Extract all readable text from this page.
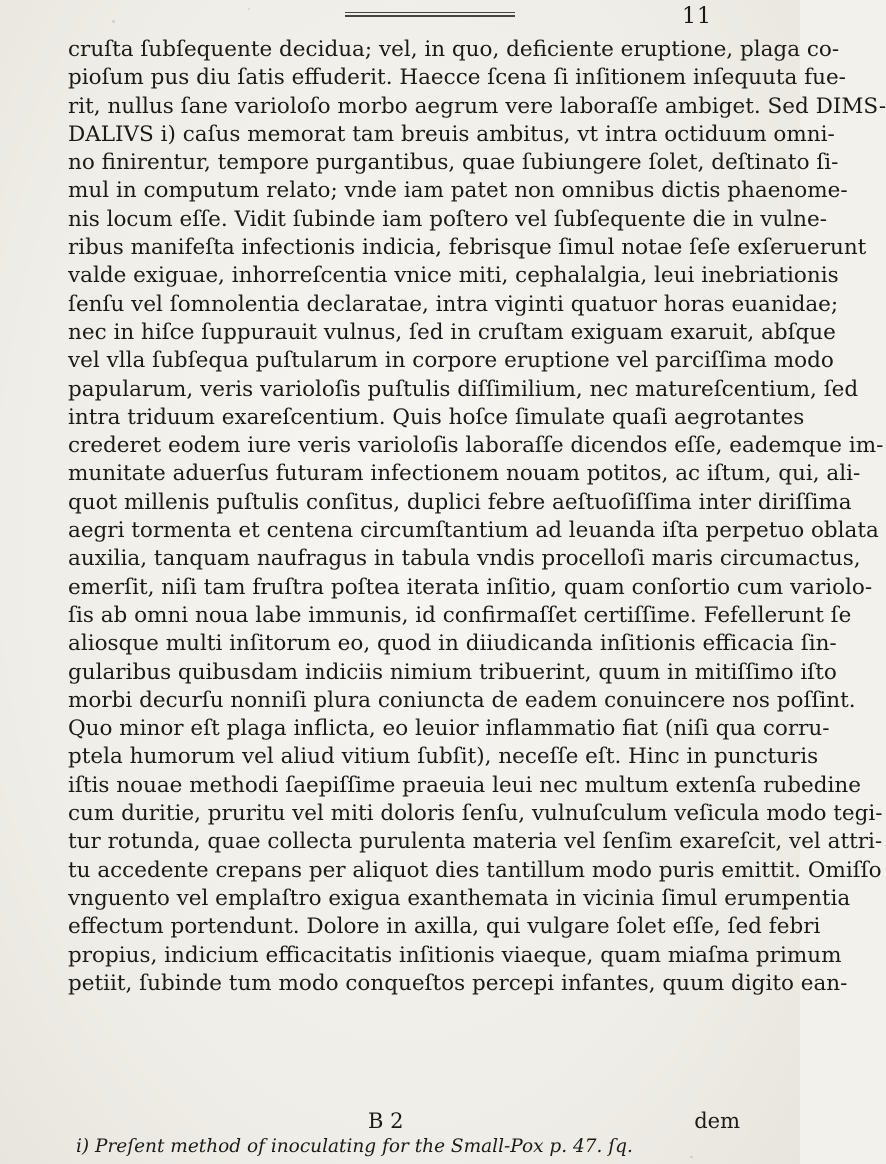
11
cruſta ſubſequente decidua; vel, in quo, deficiente eruptione, plaga co-
pioſum pus diu ſatis effuderit. Haecce ſcena ſi inſitionem inſequuta fue-
rit, nullus ſane varioloſo morbo aegrum vere laboraſſe ambiget. Sed DIMS-
DALIVS i) caſus memorat tam breuis ambitus, vt intra octiduum omni-
no finirentur, tempore purgantibus, quae ſubiungere ſolet, deſtinato ſi-
mul in computum relato; vnde iam patet non omnibus dictis phaenome-
nis locum eſſe. Vidit ſubinde iam poſtero vel ſubſequente die in vulne-
ribus manifeſta infectionis indicia, febrisque ſimul notae ſeſe exſeruerunt
valde exiguae, inhorreſcentia vnice miti, cephalalgia, leui inebriationis
ſenſu vel ſomnolentia declaratae, intra viginti quatuor horas euanidae;
nec in hiſce ſuppurauit vulnus, ſed in cruſtam exiguam exaruit, abſque
vel vlla ſubſequa puſtularum in corpore eruptione vel parciſſima modo
papularum, veris varioloſis puſtulis diſſimilium, nec matureſcentium, ſed
intra triduum exareſcentium. Quis hoſce ſimulate quaſi aegrotantes
crederet eodem iure veris varioloſis laboraſſe dicendos eſſe, eademque im-
munitate aduerſus futuram infectionem nouam potitos, ac iſtum, qui, ali-
quot millenis puſtulis conſitus, duplici febre aeſtuoſiſſima inter diriſſima
aegri tormenta et centena circumſtantium ad leuanda iſta perpetuo oblata
auxilia, tanquam naufragus in tabula vndis procelloſi maris circumactus,
emerſit, niſi tam fruſtra poſtea iterata inſitio, quam conſortio cum variolo-
ſis ab omni noua labe immunis, id confirmaſſet certiſſime. Fefellerunt ſe
aliosque multi inſitorum eo, quod in diiudicanda inſitionis efficacia ſin-
gularibus quibusdam indiciis nimium tribuerint, quum in mitiſſimo iſto
morbi decurſu nonniſi plura coniuncta de eadem conuincere nos poſſint.
Quo minor eſt plaga inflicta, eo leuior inflammatio fiat (niſi qua corru-
ptela humorum vel aliud vitium ſubſit), neceſſe eſt. Hinc in puncturis
iſtis nouae methodi ſaepiſſime praeuia leui nec multum extenſa rubedine
cum duritie, pruritu vel miti doloris ſenſu, vulnuſculum veſicula modo tegi-
tur rotunda, quae collecta purulenta materia vel ſenſim exareſcit, vel attri-
tu accedente crepans per aliquot dies tantillum modo puris emittit. Omiſſo
vnguento vel emplaſtro exigua exanthemata in vicinia ſimul erumpentia
effectum portendunt. Dolore in axilla, qui vulgare ſolet eſſe, ſed febri
propius, indicium efficacitatis inſitionis viaeque, quam miaſma primum
petiit, ſubinde tum modo conqueſtos percepi infantes, quum digito ean-
B 2	dem
i) Preſent method of inoculating for the Small-Pox p. 47. ſq.
